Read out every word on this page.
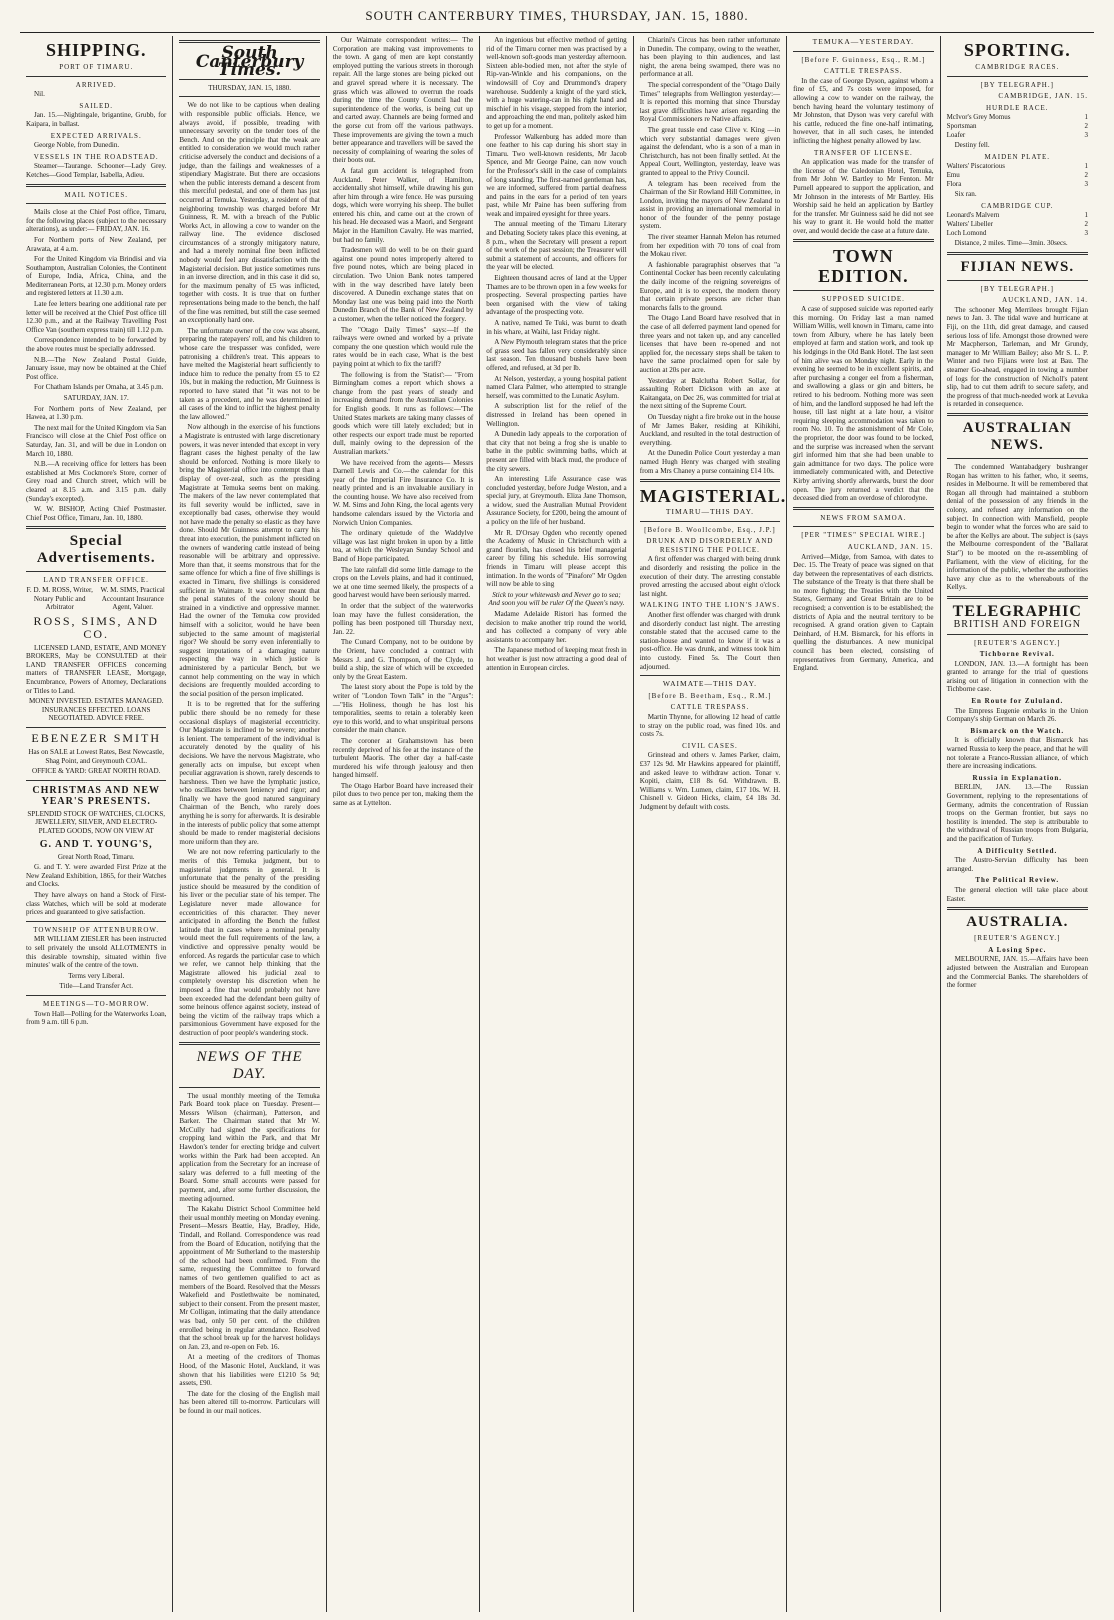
SOUTH CANTERBURY TIMES, THURSDAY, JAN. 15, 1880.
SHIPPING.
PORT OF TIMARU.
ARRIVED.

Nil.

SAILED.

Jan. 15.—Nightingale, brigantine, Grubb, for Kaipara, in ballast.

EXPECTED ARRIVALS.

George Noble, from Dunedin.

VESSELS IN THE ROADSTEAD.

Steamer—Taurange. Schooner—Lady Grey. Ketches—Good Templar, Isabella, Adieu.

MAIL NOTICES.

Mails close at the Chief Post office, Timaru, for the following places (subject to the necessary alterations), as under:— FRIDAY, JAN. 16.

For Northern ports of New Zealand, per Arawata, at 4 a.m.

For the United Kingdom via Brindisi and via Southampton, Australian Colonies, the Continent of Europe, India, Africa, China, and the Mediterranean Ports, at 12.30 p.m. Money orders and registered letters at 11.30 a.m.

Late fee letters bearing one additional rate per letter will be received at the Chief Post office till 12.30 p.m., and at the Railway Travelling Post Office Van (southern express train) till 1.12 p.m.

Correspondence intended to be forwarded by the above routes must be specially addressed.

N.B.—The New Zealand Postal Guide, January issue, may now be obtained at the Chief Post office.

For Chatham Islands per Omaha, at 3.45 p.m.

SATURDAY, JAN. 17.

For Northern ports of New Zealand, per Hawea, at 1.30 p.m.

The next mail for the United Kingdom via San Francisco will close at the Chief Post office on Saturday, Jan. 31, and will be due in London on March 10, 1880.

N.B.—A receiving office for letters has been established at Mrs Cockmore's Store, corner of Grey road and Church street, which will be cleared at 8.15 a.m. and 3.15 p.m. daily (Sunday's excepted).

W. W. BISHOP, Acting Chief Postmaster. Chief Post Office, Timaru, Jan. 10, 1880.

Special Advertisements.
LAND TRANSFER OFFICE.
F. D. M. ROSS, Writer, Notary Public and Arbitrator
W. M. SIMS, Practical Accountant Insurance Agent, Valuer.
ROSS, SIMS, AND CO.

LICENSED LAND, ESTATE, AND MONEY BROKERS, May be CONSULTED at their LAND TRANSFER OFFICES concerning matters of TRANSFER LEASE, Mortgage, Encumbrance, Powers of Attorney, Declarations or Titles to Land.

MONEY INVESTED. ESTATES MANAGED. INSURANCES EFFECTED. LOANS NEGOTIATED. ADVICE FREE.

EBENEZER SMITH

Has on SALE at Lowest Rates, Best Newcastle, Shag Point, and Greymouth COAL.

OFFICE & YARD: GREAT NORTH ROAD.

CHRISTMAS AND NEW YEAR'S PRESENTS.

SPLENDID STOCK OF WATCHES, CLOCKS, JEWELLERY, SILVER, AND ELECTRO-PLATED GOODS, NOW ON VIEW AT

G. AND T. YOUNG'S,

Great North Road, Timaru.

G. and T. Y. were awarded First Prize at the New Zealand Exhibition, 1865, for their Watches and Clocks.

They have always on hand a Stock of First-class Watches, which will be sold at moderate prices and guaranteed to give satisfaction.

TOWNSHIP OF ATTENBURROW.

MR WILLIAM ZIESLER has been instructed to sell privately the unsold ALLOTMENTS in this desirable township, situated within five minutes' walk of the centre of the town.

Terms very Liberal.

Title—Land Transfer Act.

MEETINGS—TO-MORROW.

Town Hall—Polling for the Waterworks Loan, from 9 a.m. till 6 p.m.

South Canterbury Times.
THURSDAY, JAN. 15, 1880.

We do not like to be captious when dealing with responsible public officials. Hence, we always avoid, if possible, treading with unnecessary severity on the tender toes of the Bench. And on the principle that the weak are entitled to consideration we would much rather criticise adversely the conduct and decisions of a judge, than the failings and weaknesses of a stipendiary Magistrate. But there are occasions when the public interests demand a descent from this merciful pedestal, and one of them has just occurred at Temuka. Yesterday, a resident of that neighboring township was charged before Mr Guinness, R. M. with a breach of the Public Works Act, in allowing a cow to wander on the railway line. The evidence disclosed circumstances of a strongly mitigatory nature, and had a merely nominal fine been inflicted nobody would feel any dissatisfaction with the Magisterial decision. But justice sometimes runs in an inverse direction, and in this case it did so, for the maximum penalty of £5 was inflicted, together with costs. It is true that on further representations being made to the bench, the half of the fine was remitted, but still the case seemed an exceptionally hard one.

The unfortunate owner of the cow was absent, preparing the ratepayers' roll, and his children to whose care the trespasser was confided, were patronising a children's treat. This appears to have melted the Magisterial heart sufficiently to induce him to reduce the penalty from £5 to £2 10s, but in making the reduction, Mr Guinness is reported to have stated that "it was not to be taken as a precedent, and he was determined in all cases of the kind to inflict the highest penalty the law allowed."

Now although in the exercise of his functions a Magistrate is entrusted with large discretionary powers, it was never intended that except in very flagrant cases the highest penalty of the law should be enforced. Nothing is more likely to bring the Magisterial office into contempt than a display of over-zeal, such as the presiding Magistrate at Temuka seems bent on making. The makers of the law never contemplated that its full severity would be inflicted, save in exceptionally bad cases, otherwise they would not have made the penalty so elastic as they have done. Should Mr Guinness attempt to carry his threat into execution, the punishment inflicted on the owners of wandering cattle instead of being reasonable will be arbitrary and oppressive. More than that, it seems monstrous that for the same offence for which a fine of five shillings is exacted in Timaru, five shillings is considered sufficient in Waimate. It was never meant that the penal statutes of the colony should be strained in a vindictive and oppressive manner. Had the owner of the Temuka cow provided himself with a solicitor, would he have been subjected to the same amount of magisterial rigor? We should be sorry even inferentially to suggest imputations of a damaging nature respecting the way in which justice is administered by a particular Bench, but we cannot help commenting on the way in which decisions are frequently moulded according to the social position of the person implicated.

It is to be regretted that for the suffering public there should be no remedy for these occasional displays of magisterial eccentricity. Our Magistrate is inclined to be severe; another is lenient. The temperament of the individual is accurately denoted by the quality of his decisions. We have the nervous Magistrate, who generally acts on impulse, but except when peculiar aggravation is shown, rarely descends to harshness. Then we have the lymphatic justice, who oscillates between leniency and rigor; and finally we have the good natured sanguinary Chairman of the Bench, who rarely does anything he is sorry for afterwards. It is desirable in the interests of public policy that some attempt should be made to render magisterial decisions more uniform than they are.

We are not now referring particularly to the merits of this Temuka judgment, but to magisterial judgments in general. It is unfortunate that the penalty of the presiding justice should be measured by the condition of his liver or the peculiar state of his temper. The Legislature never made allowance for eccentricities of this character. They never anticipated in affording the Bench the fullest latitude that in cases where a nominal penalty would meet the full requirements of the law, a vindictive and oppressive penalty would be enforced. As regards the particular case to which we refer, we cannot help thinking that the Magistrate allowed his judicial zeal to completely overstep his discretion when he imposed a fine that would probably not have been exceeded had the defendant been guilty of some heinous offence against society, instead of being the victim of the railway traps which a parsimonious Government have exposed for the destruction of poor people's wandering stock.

NEWS OF THE DAY.

The usual monthly meeting of the Temuka Park Board took place on Tuesday. Present—Messrs Wilson (chairman), Patterson, and Barker. The Chairman stated that Mr W. McCully had signed the specifications for cropping land within the Park, and that Mr Hawdon's tender for erecting bridge and culvert works within the Park had been accepted. An application from the Secretary for an increase of salary was deferred to a full meeting of the Board. Some small accounts were passed for payment, and, after some further discussion, the meeting adjourned.

The Kakahu District School Committee held their usual monthly meeting on Monday evening. Present—Messrs Beattie, Hay, Bradley, Hide, Tindall, and Rolland. Correspondence was read from the Board of Education, notifying that the appointment of Mr Sutherland to the mastership of the school had been confirmed. From the same, requesting the Committee to forward names of two gentlemen qualified to act as members of the Board. Resolved that the Messrs Wakefield and Postlethwaite be nominated, subject to their consent. From the present master, Mr Colligan, intimating that the daily attendance was bad, only 50 per cent. of the children enrolled being in regular attendance. Resolved that the school break up for the harvest holidays on Jan. 23, and re-open on Feb. 16.

At a meeting of the creditors of Thomas Hood, of the Masonic Hotel, Auckland, it was shown that his liabilities were £1210 5s 9d; assets, £90.

The date for the closing of the English mail has been altered till to-morrow. Particulars will be found in our mail notices.

Our Waimate correspondent writes:— The Corporation are making vast improvements to the town. A gang of men are kept constantly employed putting the various streets in thorough repair. All the large stones are being picked out and gravel spread where it is necessary. The grass which was allowed to overrun the roads during the time the County Council had the superintendence of the works, is being cut up and carted away. Channels are being formed and the gorse cut from off the various pathways. These improvements are giving the town a much better appearance and travellers will be saved the necessity of complaining of wearing the soles of their boots out.

A fatal gun accident is telegraphed from Auckland. Peter Walker, of Hamilton, accidentally shot himself, while drawing his gun after him through a wire fence. He was pursuing dogs, which were worrying his sheep. The bullet entered his chin, and came out at the crown of his head. He deceased was a Maori, and Sergeant Major in the Hamilton Cavalry. He was married, but had no family.

Tradesmen will do well to be on their guard against one pound notes improperly altered to five pound notes, which are being placed in circulation. Two Union Bank notes tampered with in the way described have lately been discovered. A Dunedin exchange states that on Monday last one was being paid into the North Dunedin Branch of the Bank of New Zealand by a customer, when the teller noticed the forgery.

The "Otago Daily Times" says:—If the railways were owned and worked by a private company the one question which would rule the rates would be in each case, What is the best paying point at which to fix the tariff?

The following is from the 'Statist':— "From Birmingham comes a report which shows a change from the past years of steady and increasing demand from the Australian Colonies for English goods. It runs as follows:—'The United States markets are taking many classes of goods which were till lately excluded; but in other respects our export trade must be reported dull, mainly owing to the depression of the Australian markets.'

We have received from the agents— Messrs Darnell Lewis and Co.—the calendar for this year of the Imperial Fire Insurance Co. It is neatly printed and is an invaluable auxiliary in the counting house. We have also received from W. M. Sims and John King, the local agents very handsome calendars issued by the Victoria and Norwich Union Companies.

The ordinary quietude of the Waddylve village was last night broken in upon by a little tea, at which the Wesleyan Sunday School and Band of Hope participated.

The late rainfall did some little damage to the crops on the Levels plains, and had it continued, we at one time seemed likely, the prospects of a good harvest would have been seriously marred.

In order that the subject of the waterworks loan may have the fullest consideration, the polling has been postponed till Thursday next, Jan. 22.

The Cunard Company, not to be outdone by the Orient, have concluded a contract with Messrs J. and G. Thompson, of the Clyde, to build a ship, the size of which will be exceeded only by the Great Eastern.

The latest story about the Pope is told by the writer of "London Town Talk" in the "Argus":—"His Holiness, though he has lost his temporalities, seems to retain a tolerably keen eye to this world, and to what unspiritual persons consider the main chance.

The coroner at Grahamstown has been recently deprived of his fee at the instance of the turbulent Maoris. The other day a half-caste murdered his wife through jealousy and then hanged himself.

The Otago Harbor Board have increased their pilot dues to two pence per ton, making them the same as at Lyttelton.

An ingenious but effective method of getting rid of the Timaru corner men was practised by a well-known soft-goods man yesterday afternoon. Sixteen able-bodied men, not after the style of Rip-van-Winkle and his companions, on the windowsill of Coy and Drummond's drapery warehouse. Suddenly a knight of the yard stick, with a huge watering-can in his right hand and mischief in his visage, stepped from the interior, and approaching the end man, politely asked him to get up for a moment.

Professor Walkenburg has added more than one feather to his cap during his short stay in Timaru. Two well-known residents, Mr Jacob Spence, and Mr George Paine, can now vouch for the Professor's skill in the case of complaints of long standing. The first-named gentleman has, we are informed, suffered from partial deafness and pains in the ears for a period of ten years past, while Mr Paine has been suffering from weak and impaired eyesight for three years.

The annual meeting of the Timaru Literary and Debating Society takes place this evening, at 8 p.m., when the Secretary will present a report of the work of the past session; the Treasurer will submit a statement of accounts, and officers for the year will be elected.

Eighteen thousand acres of land at the Upper Thames are to be thrown open in a few weeks for prospecting. Several prospecting parties have been organised with the view of taking advantage of the prospecting vote.

A native, named Te Tuki, was burnt to death in his whare, at Waihi, last Friday night.

A New Plymouth telegram states that the price of grass seed has fallen very considerably since last season. Ten thousand bushels have been offered, and refused, at 3d per lb.

At Nelson, yesterday, a young hospital patient named Clara Palmer, who attempted to strangle herself, was committed to the Lunatic Asylum.

A subscription list for the relief of the distressed in Ireland has been opened in Wellington.

A Dunedin lady appeals to the corporation of that city that not being a frog she is unable to bathe in the public swimming baths, which at present are filled with black mud, the produce of the city sewers.

An interesting Life Assurance case was concluded yesterday, before Judge Weston, and a special jury, at Greymouth. Eliza Jane Thomson, a widow, sued the Australian Mutual Provident Assurance Society, for £200, being the amount of a policy on the life of her husband.

Mr R. D'Orsay Ogden who recently opened the Academy of Music in Christchurch with a grand flourish, has closed his brief managerial career by filing his schedule. His sorrowing friends in Timaru will please accept this intimation. In the words of "Pinafore" Mr Ogden will now be able to sing

Stick to your whitewash and Never go to sea; And soon you will be ruler Of the Queen's navy.

Madame Adelaide Ristori has formed the decision to make another trip round the world, and has collected a company of very able assistants to accompany her.

The Japanese method of keeping meat fresh in hot weather is just now attracting a good deal of attention in European circles.

Chiarini's Circus has been rather unfortunate in Dunedin. The company, owing to the weather, has been playing to thin audiences, and last night, the arena being swamped, there was no performance at all.

The special correspondent of the "Otago Daily Times" telegraphs from Wellington yesterday:—It is reported this morning that since Thursday last grave difficulties have arisen regarding the Royal Commissioners re Native affairs.

The great tussle end case Clive v. King —in which very substantial damages were given against the defendant, who is a son of a man in Christchurch, has not been finally settled. At the Appeal Court, Wellington, yesterday, leave was granted to appeal to the Privy Council.

A telegram has been received from the Chairman of the Sir Rowland Hill Committee, in London, inviting the mayors of New Zealand to assist in providing an international memorial in honor of the founder of the penny postage system.

The river steamer Hannah Melon has returned from her expedition with 70 tons of coal from the Mokau river.

A fashionable paragraphist observes that "a Continental Cocker has been recently calculating the daily income of the reigning sovereigns of Europe, and it is to expect, the modern theory that certain private persons are richer than monarchs falls to the ground.

The Otago Land Board have resolved that in the case of all deferred payment land opened for three years and not taken up, and any cancelled licenses that have been re-opened and not applied for, the necessary steps shall be taken to have the same proclaimed open for sale by auction at 20s per acre.

Yesterday at Balclutha Robert Sollar, for assaulting Robert Dickson with an axe at Kaitangata, on Dec 26, was committed for trial at the next sitting of the Supreme Court.

On Tuesday night a fire broke out in the house of Mr James Baker, residing at Kihikihi, Auckland, and resulted in the total destruction of everything.

At the Dunedin Police Court yesterday a man named Hugh Henry was charged with stealing from a Mrs Chaney a purse containing £14 10s.

MAGISTERIAL.
TIMARU—THIS DAY.
[Before B. Woollcombe, Esq., J.P.]
DRUNK AND DISORDERLY AND RESISTING THE POLICE.

A first offender was charged with being drunk and disorderly and resisting the police in the execution of their duty. The arresting constable proved arresting the accused about eight o'clock last night.

WALKING INTO THE LION'S JAWS.

Another first offender was charged with drunk and disorderly conduct last night. The arresting constable stated that the accused came to the station-house and wanted to know if it was a post-office. He was drunk, and witness took him into custody. Fined 5s. The Court then adjourned.

WAIMATE—THIS DAY.
[Before B. Beetham, Esq., R.M.]
CATTLE TRESPASS.

Martin Thynne, for allowing 12 head of cattle to stray on the public road, was fined 10s. and costs 7s.

CIVIL CASES.

Grinstead and others v. James Parker, claim, £37 12s 9d. Mr Hawkins appeared for plaintiff, and asked leave to withdraw action. Tonar v. Kopiti, claim, £18 8s 6d. Withdrawn. B. Williams v. Wm. Lumen, claim, £17 10s. W. H. Chisnell v. Gideon Hicks, claim, £4 18s 3d. Judgment by default with costs.

TEMUKA—YESTERDAY.
[Before F. Guinness, Esq., R.M.]
CATTLE TRESPASS.

In the case of George Dyson, against whom a fine of £5, and 7s costs were imposed, for allowing a cow to wander on the railway, the bench having heard the voluntary testimony of Mr Johnston, that Dyson was very careful with his cattle, reduced the fine one-half intimating, however, that in all such cases, he intended inflicting the highest penalty allowed by law.

TRANSFER OF LICENSE.

An application was made for the transfer of the license of the Caledonian Hotel, Temuka, from Mr John W. Bartley to Mr Fenton. Mr Purnell appeared to support the application, and Mr Johnson in the interests of Mr Bartley. His Worship said he held an application by Bartley for the transfer. Mr Guinness said he did not see his way to grant it. He would hold the matter over, and would decide the case at a future date.

TOWN EDITION.
SUPPOSED SUICIDE.

A case of supposed suicide was reported early this morning. On Friday last a man named William Willis, well known in Timaru, came into town from Albury, where he has lately been employed at farm and station work, and took up his lodgings in the Old Bank Hotel. The last seen of him alive was on Monday night. Early in the evening he seemed to be in excellent spirits, and after purchasing a conger eel from a fisherman, and swallowing a glass or gin and bitters, he retired to his bedroom. Nothing more was seen of him, and the landlord supposed he had left the house, till last night at a late hour, a visitor requiring sleeping accommodation was taken to room No. 10. To the astonishment of Mr Cole, the proprietor, the door was found to be locked, and the surprise was increased when the servant girl informed him that she had been unable to gain admittance for two days. The police were immediately communicated with, and Detective Kirby arriving shortly afterwards, burst the door open. The jury returned a verdict that the deceased died from an overdose of chlorodyne.

NEWS FROM SAMOA.
[PER "TIMES" SPECIAL WIRE.]
AUCKLAND, JAN. 15.

Arrived—Midge, from Samoa, with dates to Dec. 15. The Treaty of peace was signed on that day between the representatives of each districts. The substance of the Treaty is that there shall be no more fighting; the Treaties with the United States, Germany and Great Britain are to be recognised; a convention is to be established; the districts of Apia and the neutral territory to be recognised. A grand oration given to Captain Deinhard, of H.M. Bismarck, for his efforts in quelling the disturbances. A new municipal council has been elected, consisting of representatives from Germany, America, and England.

SPORTING.
CAMBRIDGE RACES.
[BY TELEGRAPH.]
CAMBRIDGE, JAN. 15.
HURDLE RACE.
McIvor's Grey Momus	1
Sportsman	2
Loafer	3

Destiny fell.

MAIDEN PLATE.
Walters' Piscatorious	1
Emu	2
Flora	3

Six ran.

CAMBRIDGE CUP.
Leonard's Malvern	1
Walters' Libeller	2
Loch Lomond	3

Distance, 2 miles. Time—3min. 30secs.

FIJIAN NEWS.
[BY TELEGRAPH.]
AUCKLAND, JAN. 14.

The schooner Meg Merrilees brought Fijian news to Jan. 3. The tidal wave and hurricane at Fiji, on the 11th, did great damage, and caused serious loss of life. Amongst those drowned were Mr Macpherson, Tarleman, and Mr Grundy, manager to Mr William Bailey; also Mr S. L. P. Winter and two Fijians were lost at Bau. The steamer Go-ahead, engaged in towing a number of logs for the construction of Nicholl's patent slip, had to cut them adrift to secure safety, and the progress of that much-needed work at Levuka is retarded in consequence.

AUSTRALIAN NEWS.

The condemned Wantabadgery bushranger Rogan has written to his father, who, it seems, resides in Melbourne. It will be remembered that Rogan all through had maintained a stubborn denial of the possession of any friends in the colony, and refused any information on the subject. In connection with Mansfield, people begin to wonder what the forces who are said to be after the Kellys are about. The subject is (says the Melbourne correspondent of the "Ballarat Star") to be mooted on the re-assembling of Parliament, with the view of eliciting, for the information of the public, whether the authorities have any clue as to the whereabouts of the Kellys.

TELEGRAPHIC
BRITISH AND FOREIGN
[REUTER'S AGENCY.]
Tichborne Revival.

LONDON, JAN. 13.—A fortnight has been granted to arrange for the trial of questions arising out of litigation in connection with the Tichborne case.

En Route for Zululand.

The Empress Eugenie embarks in the Union Company's ship German on March 26.

Bismarck on the Watch.

It is officially known that Bismarck has warned Russia to keep the peace, and that he will not tolerate a Franco-Russian alliance, of which there are increasing indications.

Russia in Explanation.

BERLIN, JAN. 13.—The Russian Government, replying to the representations of Germany, admits the concentration of Russian troops on the German frontier, but says no hostility is intended. The step is attributable to the withdrawal of Russian troops from Bulgaria, and the pacification of Turkey.

A Difficulty Settled.

The Austro-Servian difficulty has been arranged.

The Political Review.

The general election will take place about Easter.

AUSTRALIA.
[REUTER'S AGENCY.]
A Losing Spec.

MELBOURNE, JAN. 15.—Affairs have been adjusted between the Australian and European and the Commercial Banks. The shareholders of the former
